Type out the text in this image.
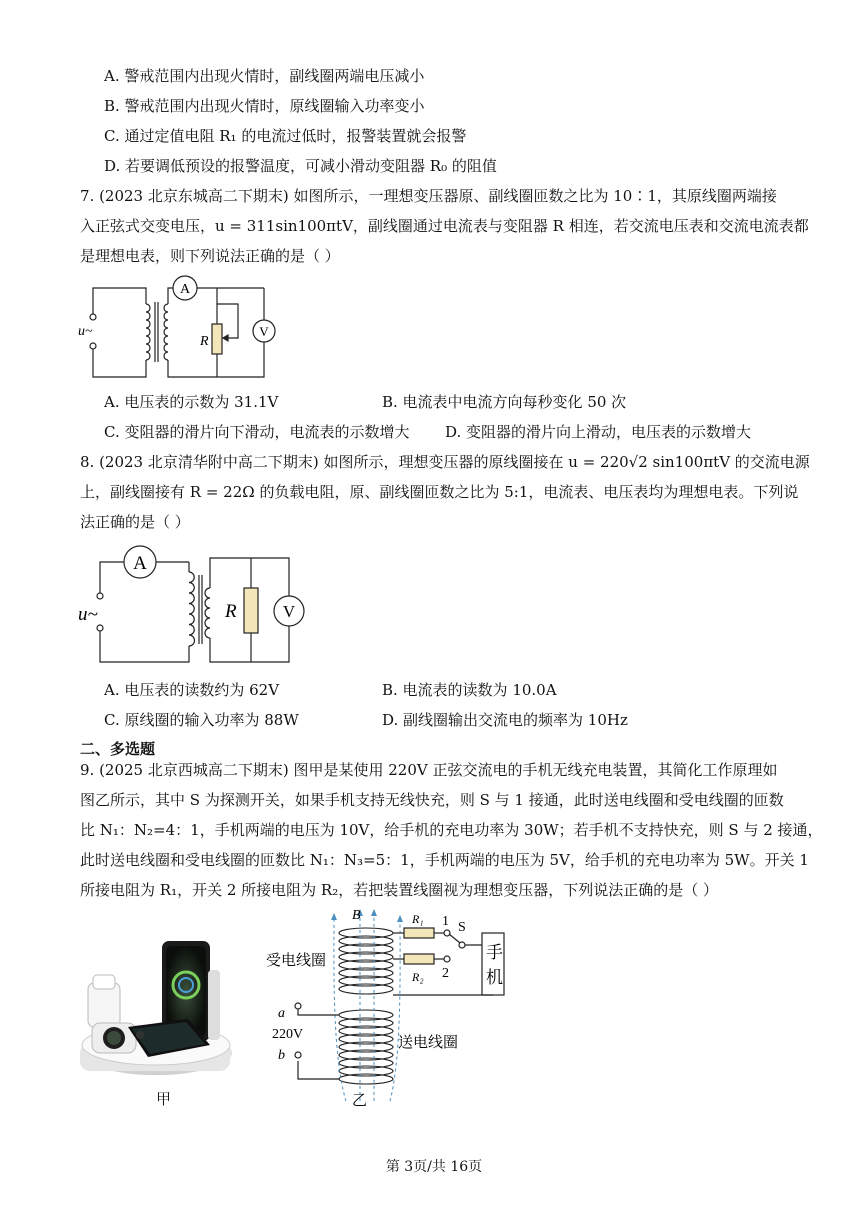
A. 警戒范围内出现火情时，副线圈两端电压减小
B. 警戒范围内出现火情时，原线圈输入功率变小
C. 通过定值电阻 R₁ 的电流过低时，报警装置就会报警
D. 若要调低预设的报警温度，可减小滑动变阻器 R₀ 的阻值
7. (2023 北京东城高二下期末) 如图所示，一理想变压器原、副线圈匝数之比为 10∶1，其原线圈两端接
入正弦式交变电压，u = 311sin100πtV，副线圈通过电流表与变阻器 R 相连，若交流电压表和交流电流表都
是理想电表，则下列说法正确的是（ ）
A
V
R
u~
A. 电压表的示数为 31.1V	B. 电流表中电流方向每秒变化 50 次
C. 变阻器的滑片向下滑动，电流表的示数增大 D. 变阻器的滑片向上滑动，电压表的示数增大
8. (2023 北京清华附中高二下期末) 如图所示，理想变压器的原线圈接在 u = 220√2 sin100πtV 的交流电源
上，副线圈接有 R = 22Ω 的负载电阻，原、副线圈匝数之比为 5:1，电流表、电压表均为理想电表。下列说
法正确的是（ ）
A
V
R
u~
A. 电压表的读数约为 62V	B. 电流表的读数为 10.0A
C. 原线圈的输入功率为 88W	D. 副线圈输出交流电的频率为 10Hz
二、多选题
9. (2025 北京西城高二下期末) 图甲是某使用 220V 正弦交流电的手机无线充电装置，其简化工作原理如
图乙所示，其中 S 为探测开关，如果手机支持无线快充，则 S 与 1 接通，此时送电线圈和受电线圈的匝数
比 N₁：N₂=4：1，手机两端的电压为 10V，给手机的充电功率为 30W；若手机不支持快充，则 S 与 2 接通，
此时送电线圈和受电线圈的匝数比 N₁：N₃=5：1，手机两端的电压为 5V，给手机的充电功率为 5W。开关 1
所接电阻为 R₁，开关 2 所接电阻为 R₂，若把装置线圈视为理想变压器，下列说法正确的是（ ）
甲
B	R₁
R₂
1
2
S
手
机
受电线圈
送电线圈
a
b
220V
乙
第 3页/共 16页
